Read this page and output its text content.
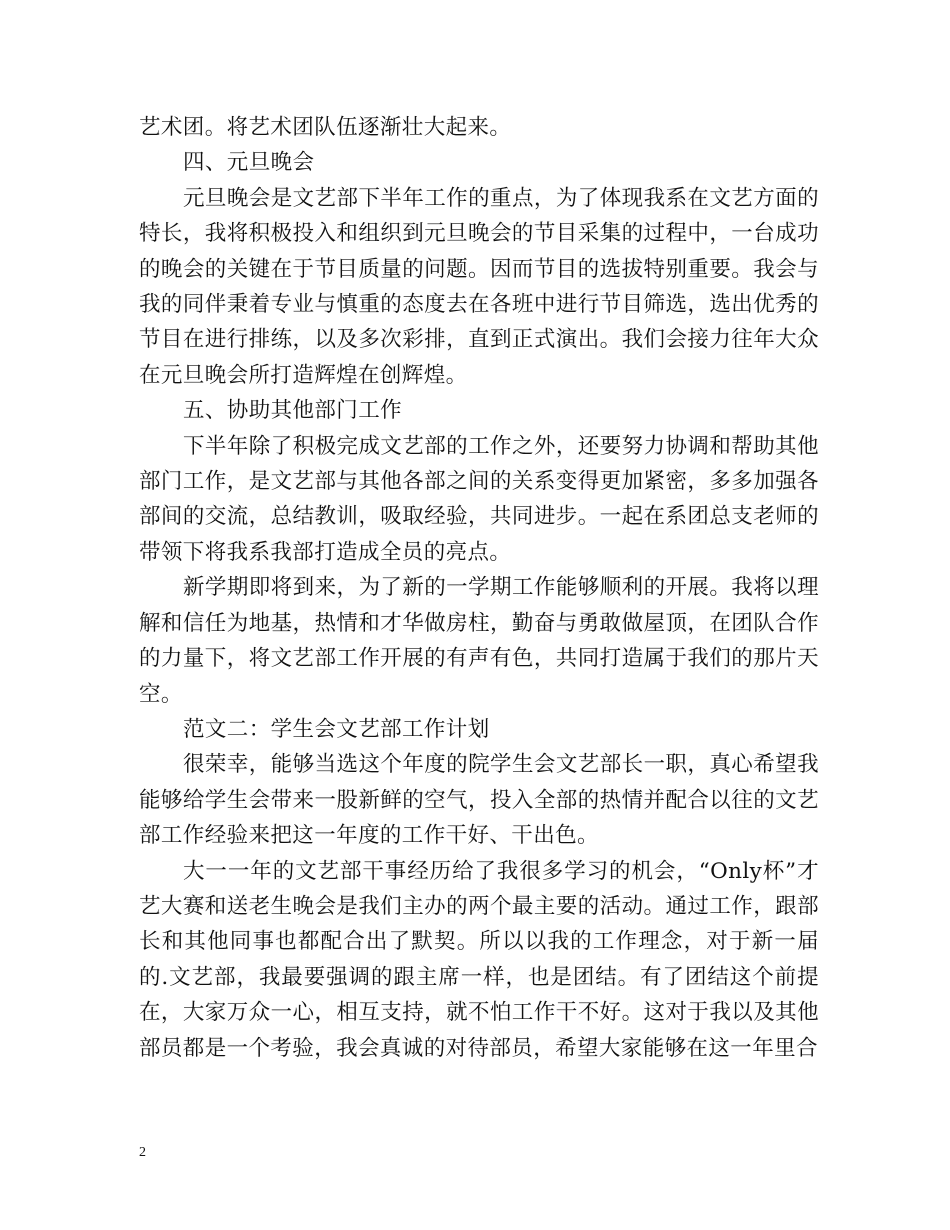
艺术团。将艺术团队伍逐渐壮大起来。

四、元旦晚会

元旦晚会是文艺部下半年工作的重点，为了体现我系在文艺方面的特长，我将积极投入和组织到元旦晚会的节目采集的过程中，一台成功的晚会的关键在于节目质量的问题。因而节目的选拔特别重要。我会与我的同伴秉着专业与慎重的态度去在各班中进行节目筛选，选出优秀的节目在进行排练，以及多次彩排，直到正式演出。我们会接力往年大众在元旦晚会所打造辉煌在创辉煌。

五、协助其他部门工作

下半年除了积极完成文艺部的工作之外，还要努力协调和帮助其他部门工作，是文艺部与其他各部之间的关系变得更加紧密，多多加强各部间的交流，总结教训，吸取经验，共同进步。一起在系团总支老师的带领下将我系我部打造成全员的亮点。

新学期即将到来，为了新的一学期工作能够顺利的开展。我将以理解和信任为地基，热情和才华做房柱，勤奋与勇敢做屋顶，在团队合作的力量下，将文艺部工作开展的有声有色，共同打造属于我们的那片天空。

范文二：学生会文艺部工作计划

很荣幸，能够当选这个年度的院学生会文艺部长一职，真心希望我能够给学生会带来一股新鲜的空气，投入全部的热情并配合以往的文艺部工作经验来把这一年度的工作干好、干出色。

大一一年的文艺部干事经历给了我很多学习的机会，“Only杯”才艺大赛和送老生晚会是我们主办的两个最主要的活动。通过工作，跟部长和其他同事也都配合出了默契。所以以我的工作理念，对于新一届的.文艺部，我最要强调的跟主席一样，也是团结。有了团结这个前提在，大家万众一心，相互支持，就不怕工作干不好。这对于我以及其他部员都是一个考验，我会真诚的对待部员，希望大家能够在这一年里合

2
